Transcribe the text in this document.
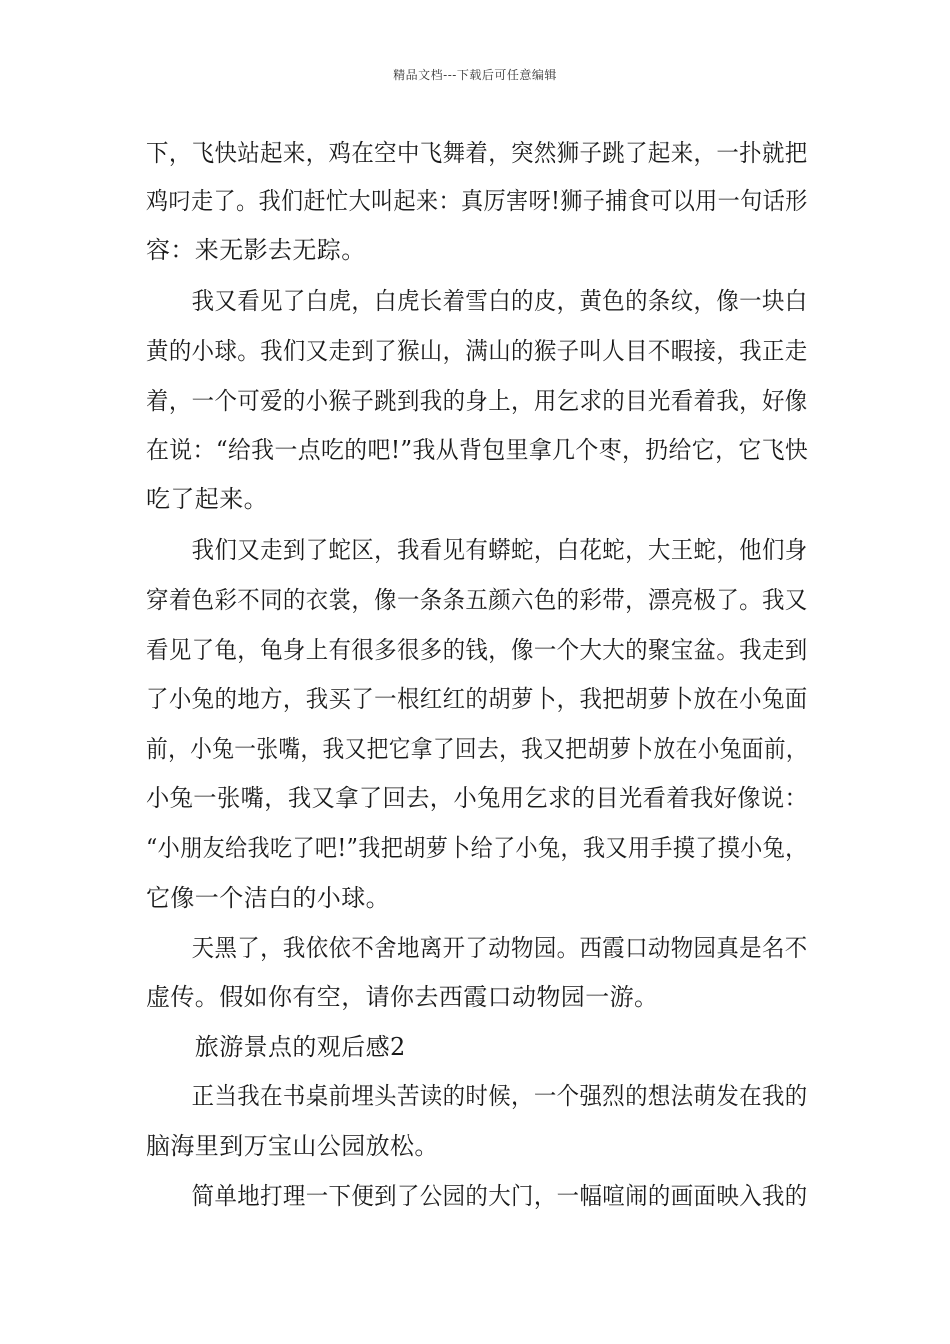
精品文档---下载后可任意编辑
下，飞快站起来，鸡在空中飞舞着，突然狮子跳了起来，一扑就把
鸡叼走了。我们赶忙大叫起来：真厉害呀!狮子捕食可以用一句话形
容：来无影去无踪。
　　我又看见了白虎，白虎长着雪白的皮，黄色的条纹，像一块白
黄的小球。我们又走到了猴山，满山的猴子叫人目不暇接，我正走
着，一个可爱的小猴子跳到我的身上，用乞求的目光看着我，好像
在说：“给我一点吃的吧!”我从背包里拿几个枣，扔给它，它飞快
吃了起来。
　　我们又走到了蛇区，我看见有蟒蛇，白花蛇，大王蛇，他们身
穿着色彩不同的衣裳，像一条条五颜六色的彩带，漂亮极了。我又
看见了龟，龟身上有很多很多的钱，像一个大大的聚宝盆。我走到
了小兔的地方，我买了一根红红的胡萝卜，我把胡萝卜放在小兔面
前，小兔一张嘴，我又把它拿了回去，我又把胡萝卜放在小兔面前，
小兔一张嘴，我又拿了回去，小兔用乞求的目光看着我好像说：
“小朋友给我吃了吧!”我把胡萝卜给了小兔，我又用手摸了摸小兔，
它像一个洁白的小球。
　　天黑了，我依依不舍地离开了动物园。西霞口动物园真是名不
虚传。假如你有空，请你去西霞口动物园一游。
　　旅游景点的观后感2
　　正当我在书桌前埋头苦读的时候，一个强烈的想法萌发在我的
脑海里到万宝山公园放松。
　　简单地打理一下便到了公园的大门，一幅喧闹的画面映入我的
